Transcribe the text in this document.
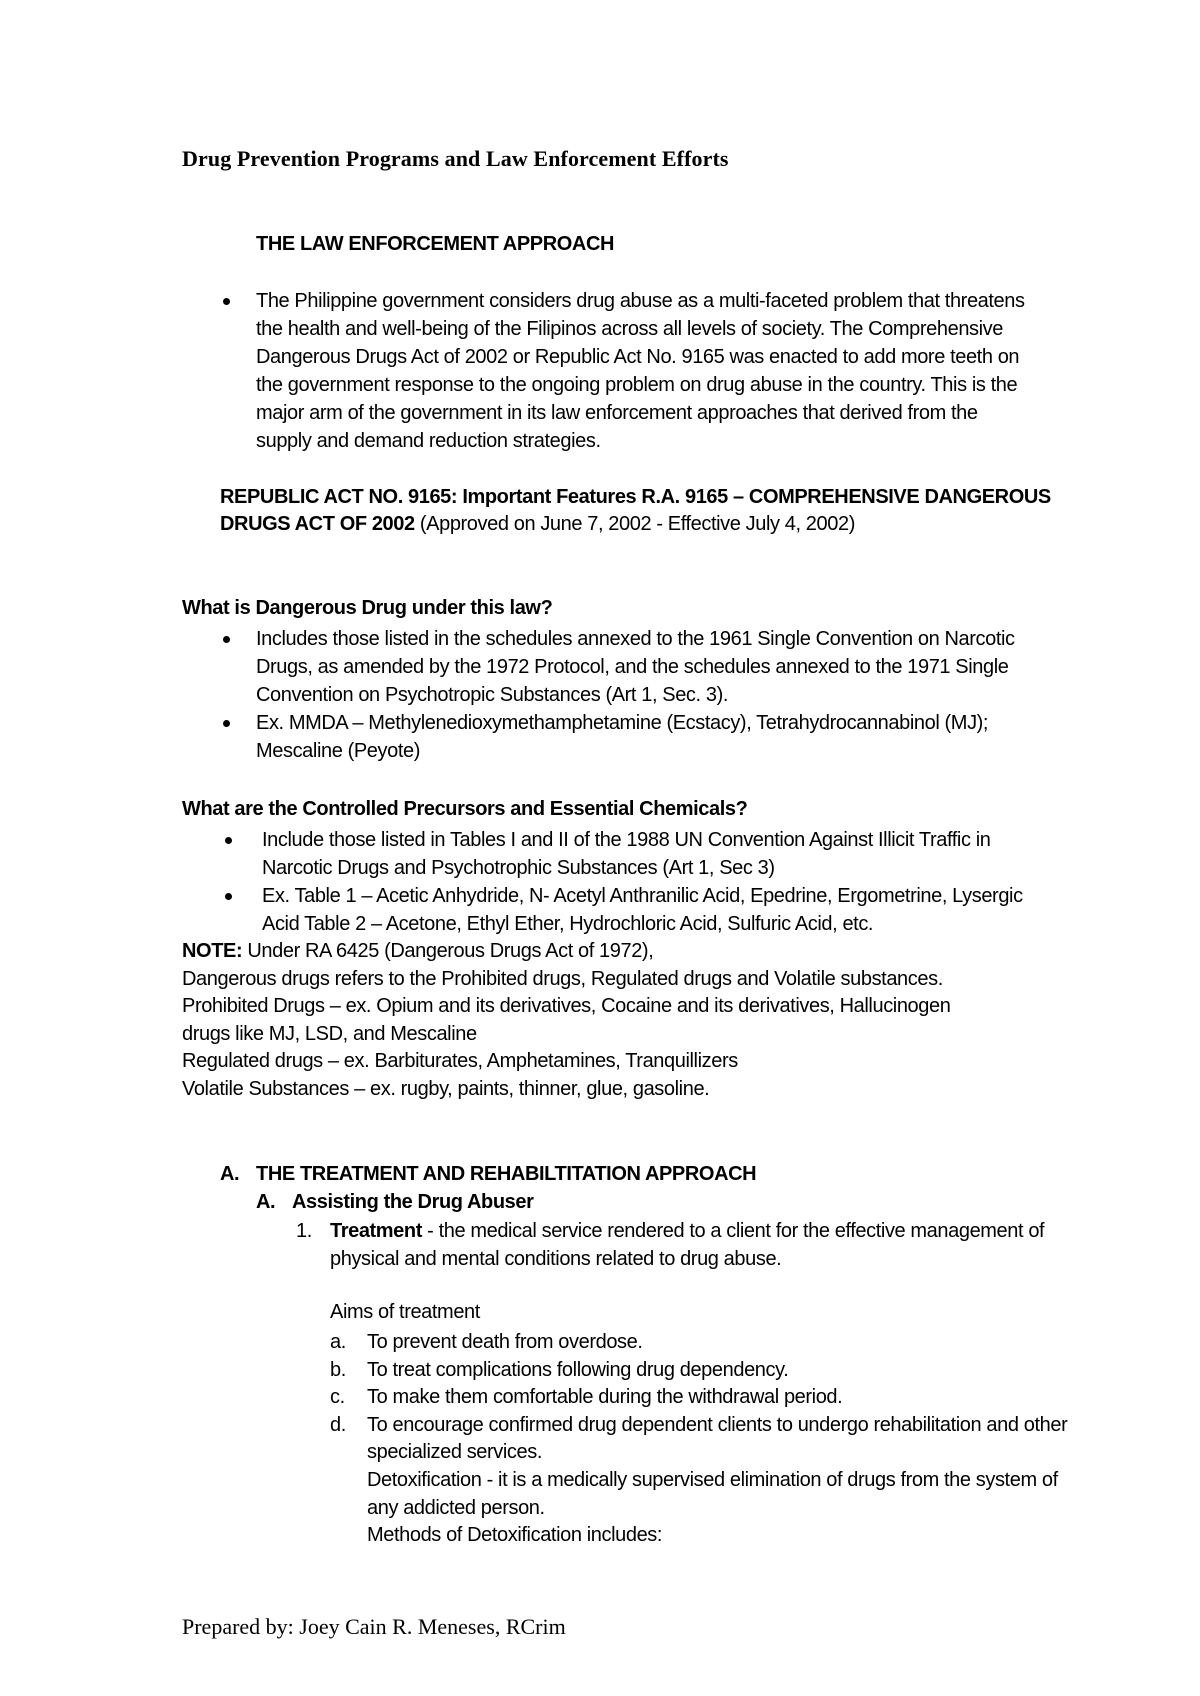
Drug Prevention Programs and Law Enforcement Efforts
THE LAW ENFORCEMENT APPROACH
The Philippine government considers drug abuse as a multi-faceted problem that threatens the health and well-being of the Filipinos across all levels of society. The Comprehensive Dangerous Drugs Act of 2002 or Republic Act No. 9165 was enacted to add more teeth on the government response to the ongoing problem on drug abuse in the country. This is the major arm of the government in its law enforcement approaches that derived from the supply and demand reduction strategies.
REPUBLIC ACT NO. 9165: Important Features R.A. 9165 – COMPREHENSIVE DANGEROUS DRUGS ACT OF 2002 (Approved on June 7, 2002 - Effective July 4, 2002)
What is Dangerous Drug under this law?
Includes those listed in the schedules annexed to the 1961 Single Convention on Narcotic Drugs, as amended by the 1972 Protocol, and the schedules annexed to the 1971 Single Convention on Psychotropic Substances (Art 1, Sec. 3).
Ex. MMDA – Methylenedioxymethamphetamine (Ecstacy), Tetrahydrocannabinol (MJ); Mescaline (Peyote)
What are the Controlled Precursors and Essential Chemicals?
Include those listed in Tables I and II of the 1988 UN Convention Against Illicit Traffic in Narcotic Drugs and Psychotrophic Substances (Art 1, Sec 3)
Ex. Table 1 – Acetic Anhydride, N- Acetyl Anthranilic Acid, Epedrine, Ergometrine, Lysergic Acid Table 2 – Acetone, Ethyl Ether, Hydrochloric Acid, Sulfuric Acid, etc.
NOTE: Under RA 6425 (Dangerous Drugs Act of 1972),
Dangerous drugs refers to the Prohibited drugs, Regulated drugs and Volatile substances.
Prohibited Drugs – ex. Opium and its derivatives, Cocaine and its derivatives, Hallucinogen
drugs like MJ, LSD, and Mescaline
Regulated drugs – ex. Barbiturates, Amphetamines, Tranquillizers
Volatile Substances – ex. rugby, paints, thinner, glue, gasoline.
A. THE TREATMENT AND REHABILTITATION APPROACH
A. Assisting the Drug Abuser
1. Treatment - the medical service rendered to a client for the effective management of physical and mental conditions related to drug abuse.
Aims of treatment
a. To prevent death from overdose.
b. To treat complications following drug dependency.
c. To make them comfortable during the withdrawal period.
d. To encourage confirmed drug dependent clients to undergo rehabilitation and other specialized services.
Detoxification - it is a medically supervised elimination of drugs from the system of any addicted person.
Methods of Detoxification includes:
Prepared by: Joey Cain R. Meneses, RCrim
